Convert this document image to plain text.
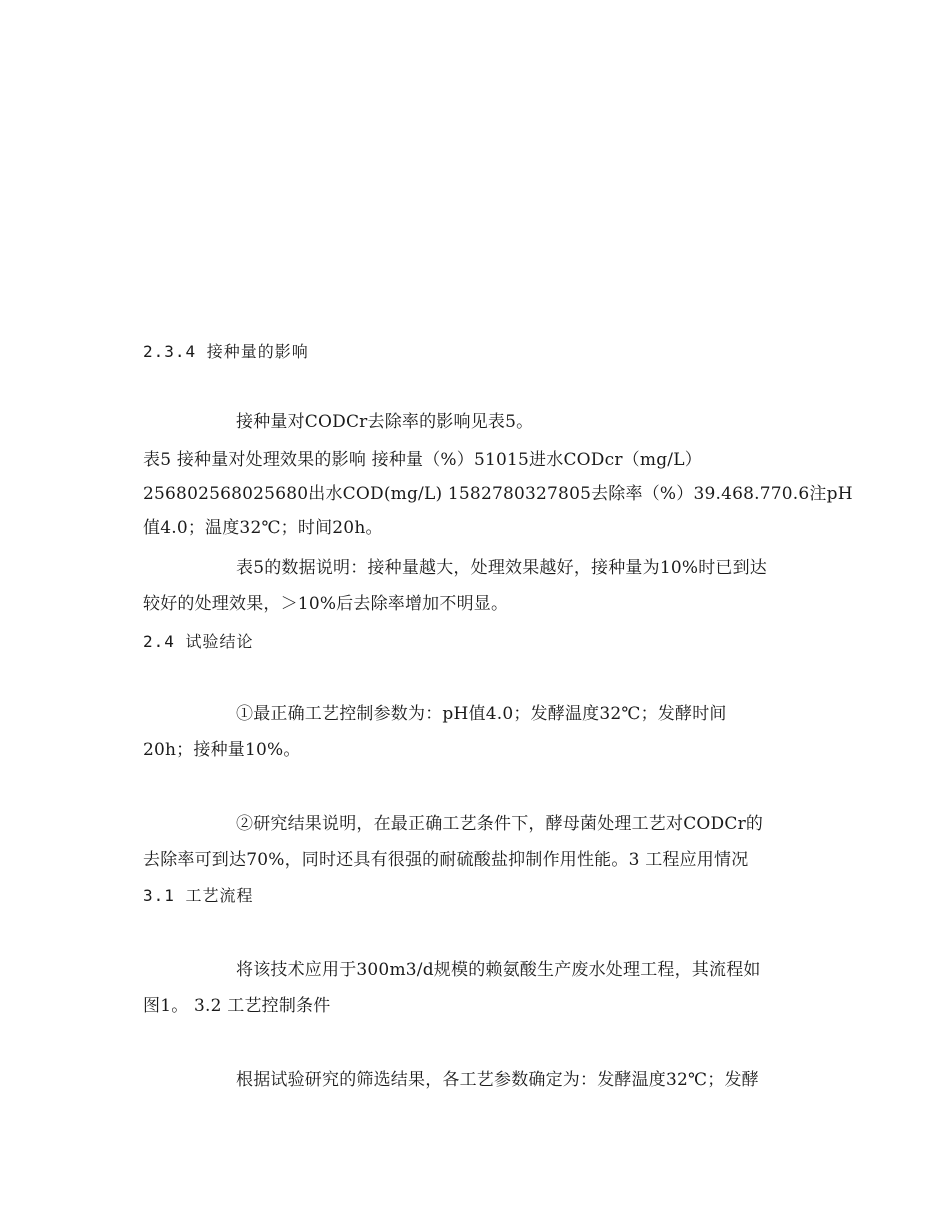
2.3.4 接种量的影响
接种量对CODCr去除率的影响见表5。
表5 接种量对处理效果的影响 接种量（%）51015进水CODcr（mg/L）
256802568025680出水COD(mg/L) 1582780327805去除率（%）39.468.770.6注pH
值4.0；温度32℃；时间20h。
表5的数据说明：接种量越大，处理效果越好，接种量为10%时已到达
较好的处理效果，＞10%后去除率增加不明显。
2.4 试验结论
①最正确工艺控制参数为：pH值4.0；发酵温度32℃；发酵时间
20h；接种量10%。
②研究结果说明，在最正确工艺条件下，酵母菌处理工艺对CODCr的
去除率可到达70%，同时还具有很强的耐硫酸盐抑制作用性能。3 工程应用情况
3.1 工艺流程
将该技术应用于300m3/d规模的赖氨酸生产废水处理工程，其流程如
图1。 3.2 工艺控制条件
根据试验研究的筛选结果，各工艺参数确定为：发酵温度32℃；发酵
